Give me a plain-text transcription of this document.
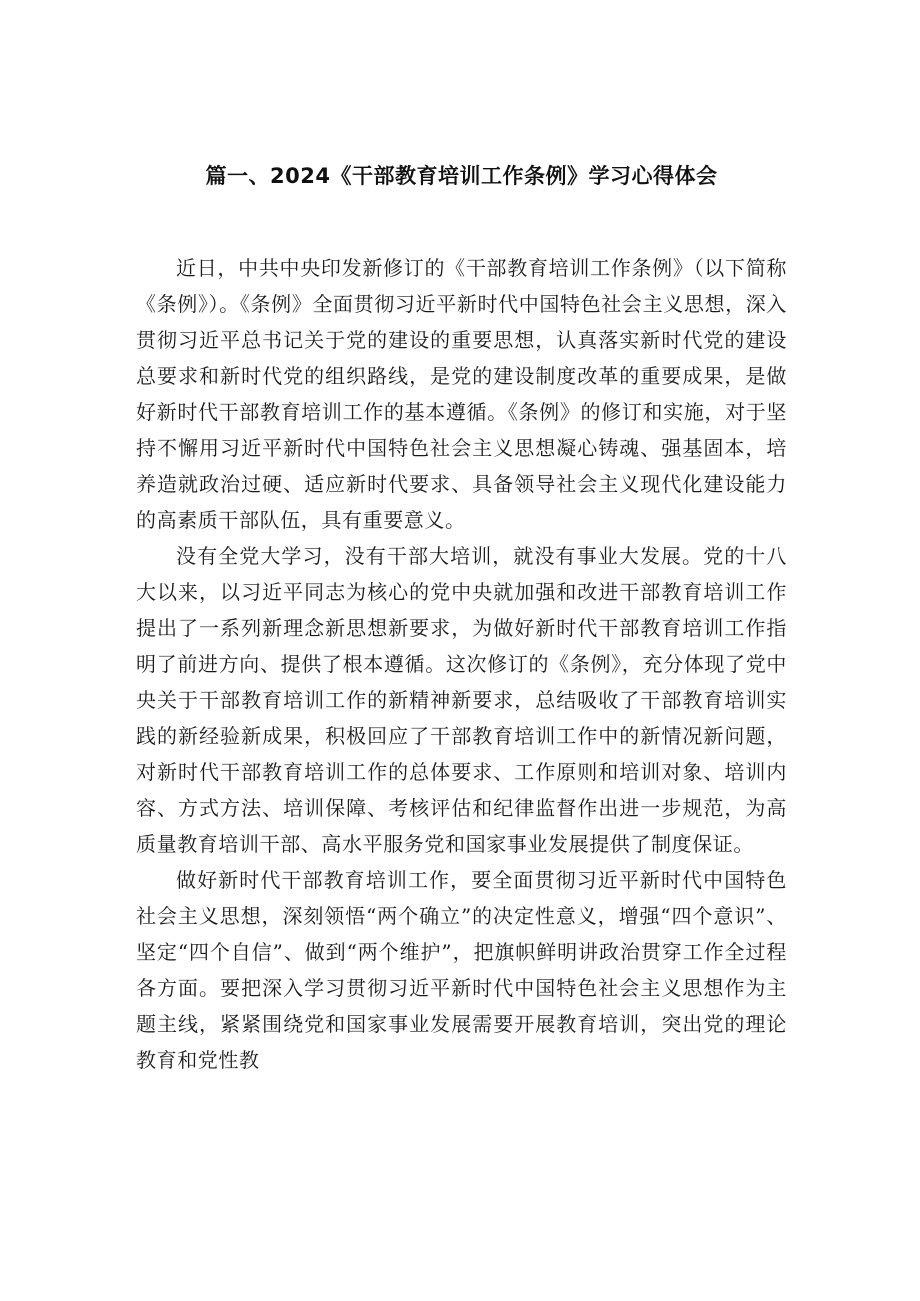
篇一、2024《干部教育培训工作条例》学习心得体会

近日，中共中央印发新修订的《干部教育培训工作条例》（以下简称《条例》）。《条例》全面贯彻习近平新时代中国特色社会主义思想，深入贯彻习近平总书记关于党的建设的重要思想，认真落实新时代党的建设总要求和新时代党的组织路线，是党的建设制度改革的重要成果，是做好新时代干部教育培训工作的基本遵循。《条例》的修订和实施，对于坚持不懈用习近平新时代中国特色社会主义思想凝心铸魂、强基固本，培养造就政治过硬、适应新时代要求、具备领导社会主义现代化建设能力的高素质干部队伍，具有重要意义。

没有全党大学习，没有干部大培训，就没有事业大发展。党的十八大以来，以习近平同志为核心的党中央就加强和改进干部教育培训工作提出了一系列新理念新思想新要求，为做好新时代干部教育培训工作指明了前进方向、提供了根本遵循。这次修订的《条例》，充分体现了党中央关于干部教育培训工作的新精神新要求，总结吸收了干部教育培训实践的新经验新成果，积极回应了干部教育培训工作中的新情况新问题，对新时代干部教育培训工作的总体要求、工作原则和培训对象、培训内容、方式方法、培训保障、考核评估和纪律监督作出进一步规范，为高质量教育培训干部、高水平服务党和国家事业发展提供了制度保证。

做好新时代干部教育培训工作，要全面贯彻习近平新时代中国特色社会主义思想，深刻领悟“两个确立”的决定性意义，增强“四个意识”、坚定“四个自信”、做到“两个维护”，把旗帜鲜明讲政治贯穿工作全过程各方面。要把深入学习贯彻习近平新时代中国特色社会主义思想作为主题主线，紧紧围绕党和国家事业发展需要开展教育培训，突出党的理论教育和党性教
